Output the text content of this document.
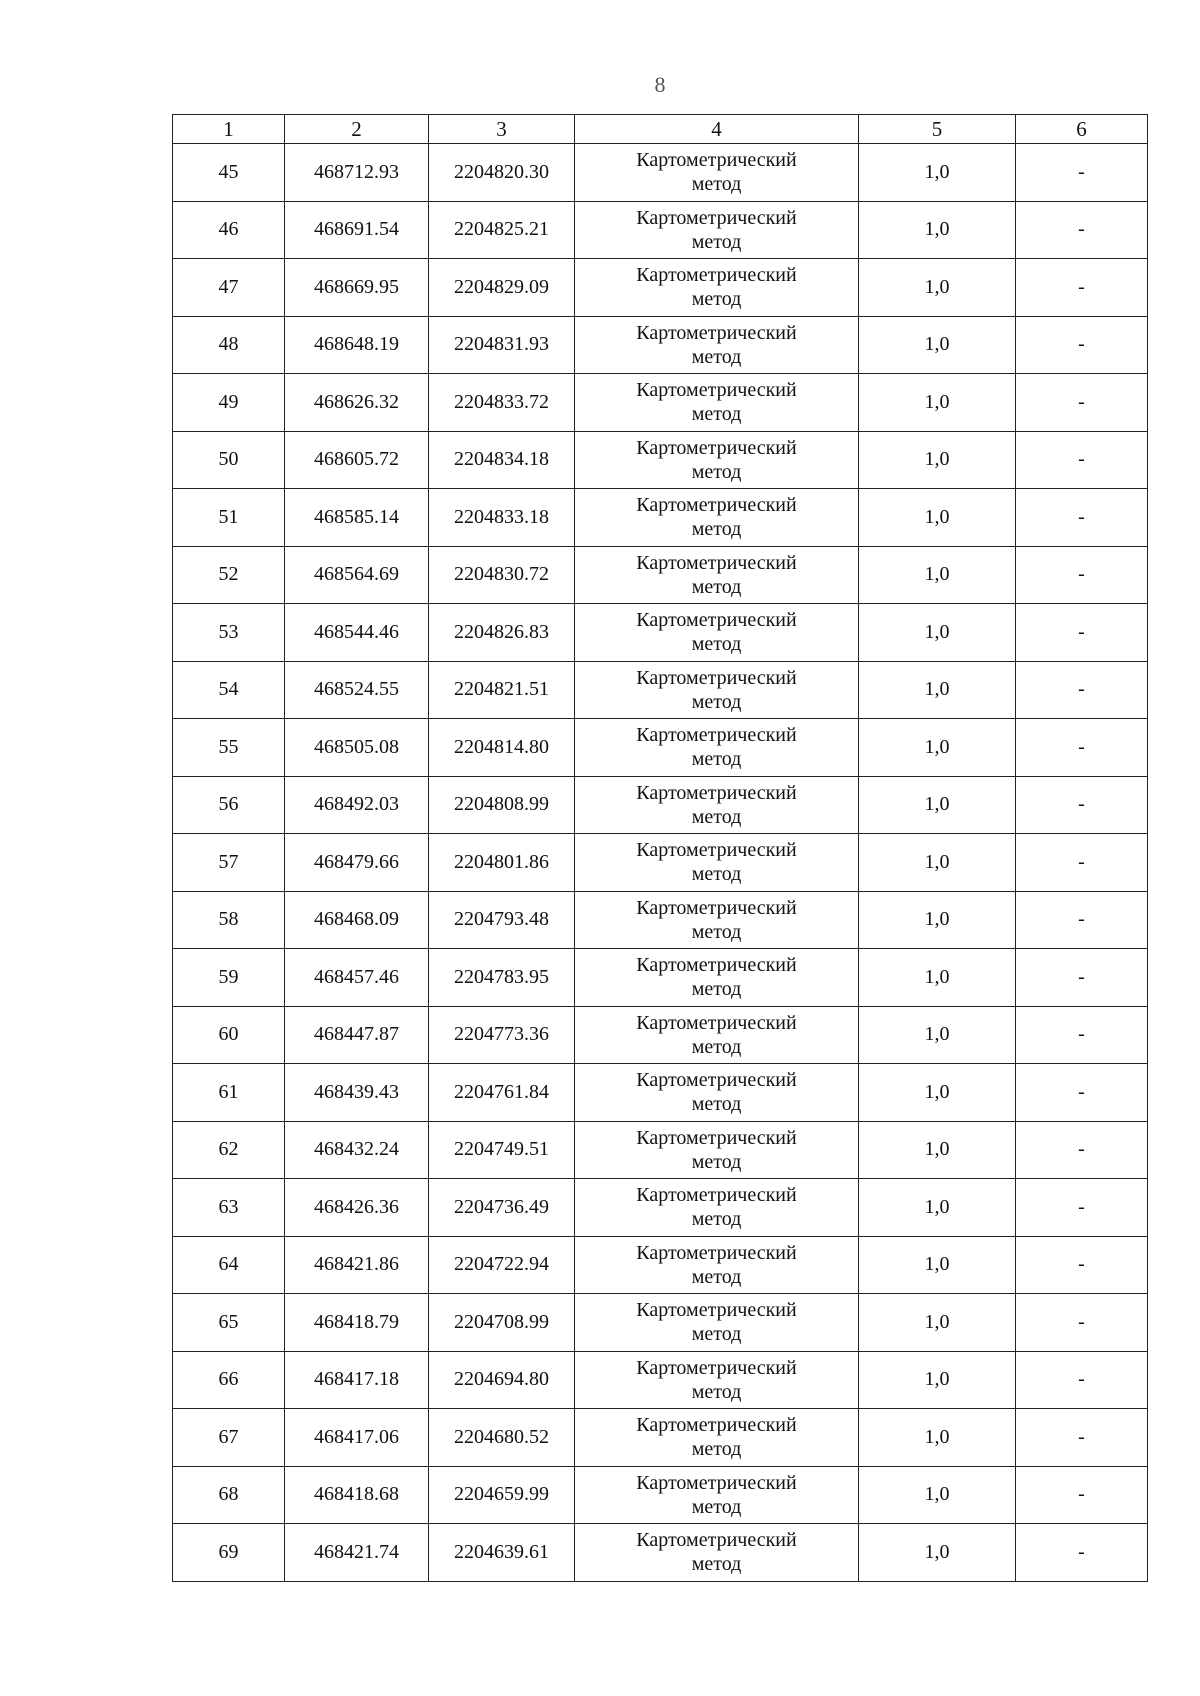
8
1	2	3	4	5	6
45	468712.93	2204820.30	Картометрический
метод	1,0	-
46	468691.54	2204825.21	Картометрический
метод	1,0	-
47	468669.95	2204829.09	Картометрический
метод	1,0	-
48	468648.19	2204831.93	Картометрический
метод	1,0	-
49	468626.32	2204833.72	Картометрический
метод	1,0	-
50	468605.72	2204834.18	Картометрический
метод	1,0	-
51	468585.14	2204833.18	Картометрический
метод	1,0	-
52	468564.69	2204830.72	Картометрический
метод	1,0	-
53	468544.46	2204826.83	Картометрический
метод	1,0	-
54	468524.55	2204821.51	Картометрический
метод	1,0	-
55	468505.08	2204814.80	Картометрический
метод	1,0	-
56	468492.03	2204808.99	Картометрический
метод	1,0	-
57	468479.66	2204801.86	Картометрический
метод	1,0	-
58	468468.09	2204793.48	Картометрический
метод	1,0	-
59	468457.46	2204783.95	Картометрический
метод	1,0	-
60	468447.87	2204773.36	Картометрический
метод	1,0	-
61	468439.43	2204761.84	Картометрический
метод	1,0	-
62	468432.24	2204749.51	Картометрический
метод	1,0	-
63	468426.36	2204736.49	Картометрический
метод	1,0	-
64	468421.86	2204722.94	Картометрический
метод	1,0	-
65	468418.79	2204708.99	Картометрический
метод	1,0	-
66	468417.18	2204694.80	Картометрический
метод	1,0	-
67	468417.06	2204680.52	Картометрический
метод	1,0	-
68	468418.68	2204659.99	Картометрический
метод	1,0	-
69	468421.74	2204639.61	Картометрический
метод	1,0	-
